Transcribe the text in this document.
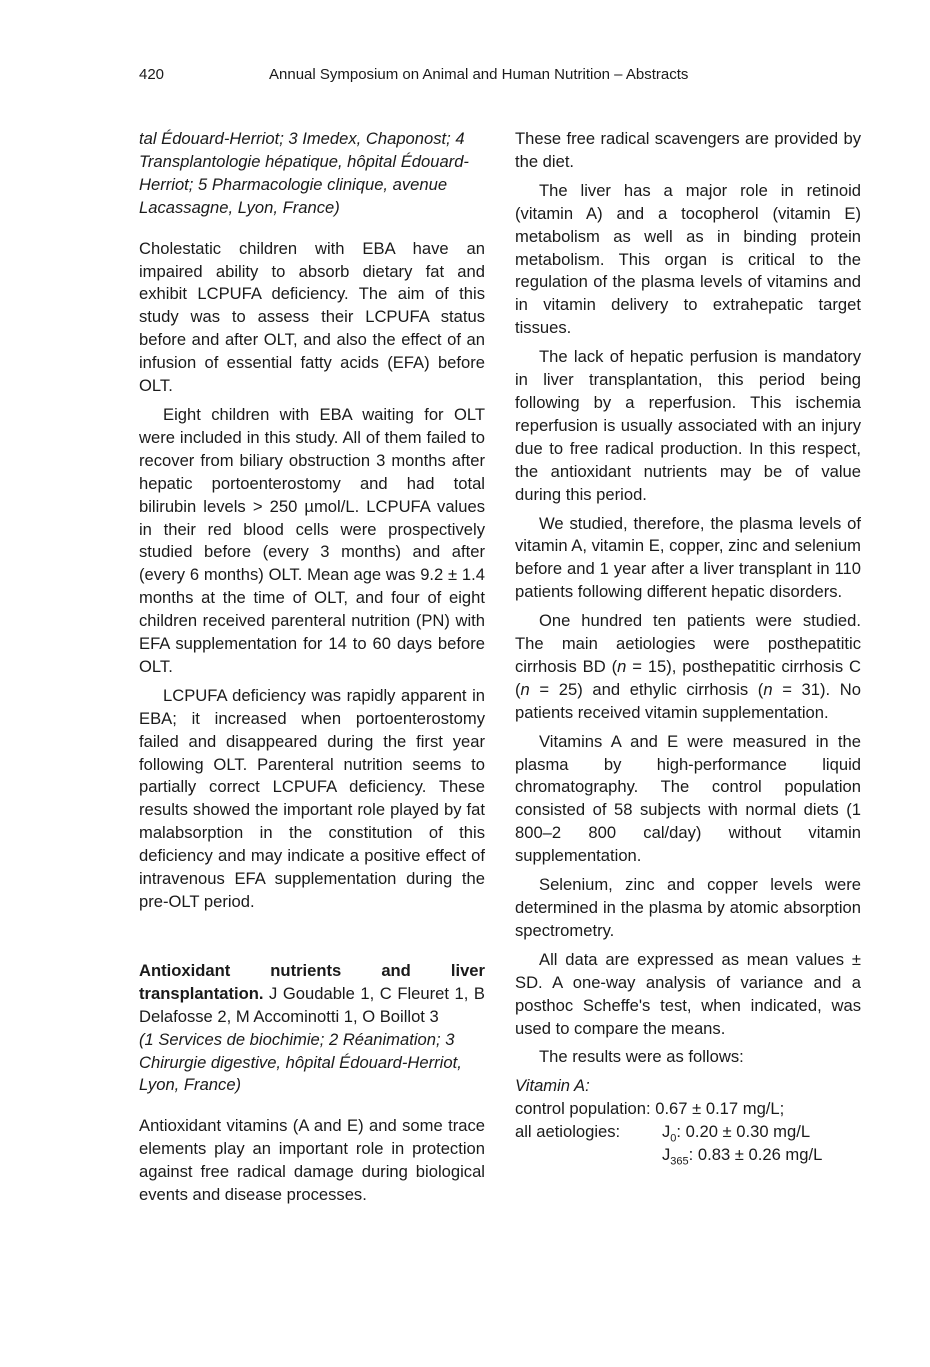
420	Annual Symposium on Animal and Human Nutrition – Abstracts

tal Édouard-Herriot; 3 Imedex, Chaponost; 4 Transplantologie hépatique, hôpital Édouard-Herriot; 5 Pharmacologie clinique, avenue Lacassagne, Lyon, France)

Cholestatic children with EBA have an impaired ability to absorb dietary fat and exhibit LCPUFA deficiency. The aim of this study was to assess their LCPUFA status before and after OLT, and also the effect of an infusion of essential fatty acids (EFA) before OLT.

Eight children with EBA waiting for OLT were included in this study. All of them failed to recover from biliary obstruction 3 months after hepatic portoenterostomy and had total bilirubin levels > 250 µmol/L. LCPUFA values in their red blood cells were prospectively studied before (every 3 months) and after (every 6 months) OLT. Mean age was 9.2 ± 1.4 months at the time of OLT, and four of eight children received parenteral nutrition (PN) with EFA supplementation for 14 to 60 days before OLT.

LCPUFA deficiency was rapidly apparent in EBA; it increased when portoenterostomy failed and disappeared during the first year following OLT. Parenteral nutrition seems to partially correct LCPUFA deficiency. These results showed the important role played by fat malabsorption in the constitution of this deficiency and may indicate a positive effect of intravenous EFA supplementation during the pre-OLT period.

Antioxidant nutrients and liver transplantation. J Goudable 1, C Fleuret 1, B Delafosse 2, M Accominotti 1, O Boillot 3

(1 Services de biochimie; 2 Réanimation; 3 Chirurgie digestive, hôpital Édouard-Herriot, Lyon, France)

Antioxidant vitamins (A and E) and some trace elements play an important role in protection against free radical damage during biological events and disease processes.

These free radical scavengers are provided by the diet.

The liver has a major role in retinoid (vitamin A) and a tocopherol (vitamin E) metabolism as well as in binding protein metabolism. This organ is critical to the regulation of the plasma levels of vitamins and in vitamin delivery to extrahepatic target tissues.

The lack of hepatic perfusion is mandatory in liver transplantation, this period being following by a reperfusion. This ischemia reperfusion is usually associated with an injury due to free radical production. In this respect, the antioxidant nutrients may be of value during this period.

We studied, therefore, the plasma levels of vitamin A, vitamin E, copper, zinc and selenium before and 1 year after a liver transplant in 110 patients following different hepatic disorders.

One hundred ten patients were studied. The main aetiologies were posthepatitic cirrhosis BD (n = 15), posthepatitic cirrhosis C (n = 25) and ethylic cirrhosis (n = 31). No patients received vitamin supplementation.

Vitamins A and E were measured in the plasma by high-performance liquid chromatography. The control population consisted of 58 subjects with normal diets (1 800–2 800 cal/day) without vitamin supplementation.

Selenium, zinc and copper levels were determined in the plasma by atomic absorption spectrometry.

All data are expressed as mean values ± SD. A one-way analysis of variance and a posthoc Scheffe's test, when indicated, was used to compare the means.

The results were as follows:

Vitamin A:

control population: 0.67 ± 0.17 mg/L;

all aetiologies:	$J_0$: 0.20 ± 0.30 mg/L
$J_{365}$: 0.83 ± 0.26 mg/L
